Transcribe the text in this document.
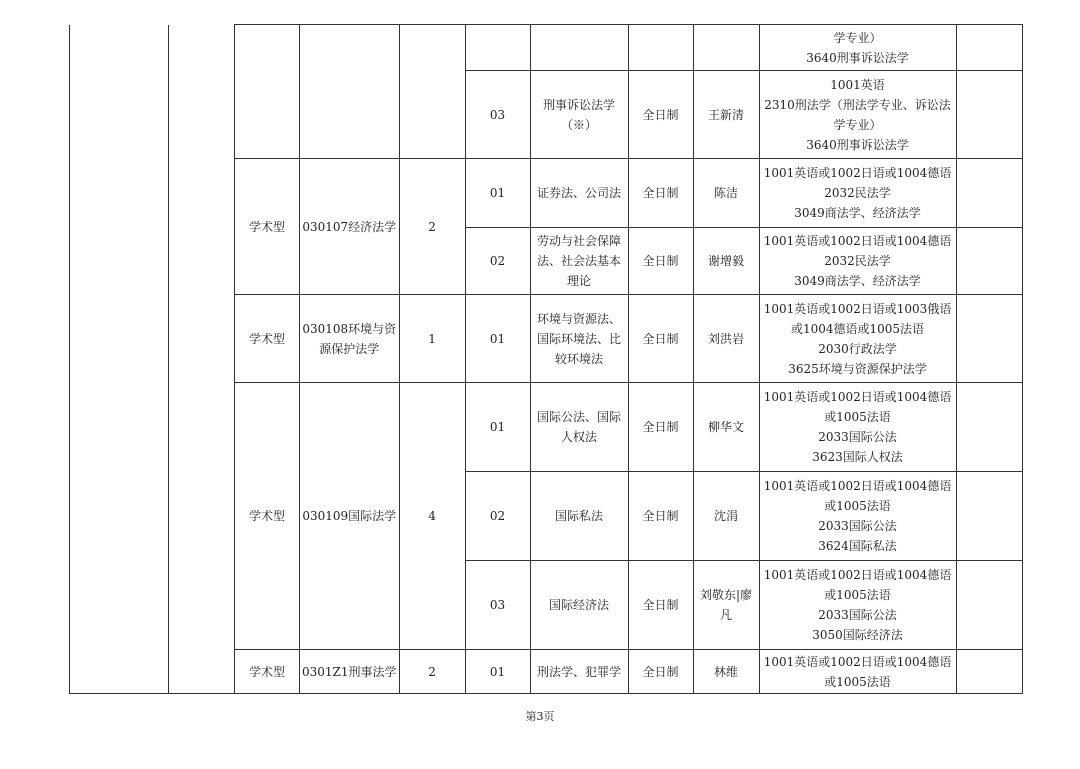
									学专业）
3640刑事诉讼法学	

					03	刑事诉讼法学
（※）	全日制	王新清	1001英语
2310刑法学（刑法学专业、诉讼法
学专业）
3640刑事诉讼法学	

		学术型	030107经济法学	2	01	证券法、公司法	全日制	陈洁	1001英语或1002日语或1004德语
2032民法学
3049商法学、经济法学	

					02	劳动与社会保障
法、社会法基本
理论	全日制	谢增毅	1001英语或1002日语或1004德语
2032民法学
3049商法学、经济法学	

		学术型	030108环境与资
源保护法学	1	01	环境与资源法、
国际环境法、比
较环境法	全日制	刘洪岩	1001英语或1002日语或1003俄语
或1004德语或1005法语
2030行政法学
3625环境与资源保护法学	

		学术型	030109国际法学	4	01	国际公法、国际
人权法	全日制	柳华文	1001英语或1002日语或1004德语
或1005法语
2033国际公法
3623国际人权法	

					02	国际私法	全日制	沈涓	1001英语或1002日语或1004德语
或1005法语
2033国际公法
3624国际私法	

					03	国际经济法	全日制	刘敬东|廖
凡	1001英语或1002日语或1004德语
或1005法语
2033国际公法
3050国际经济法	

		学术型	0301Z1刑事法学	2	01	刑法学、犯罪学	全日制	林维	1001英语或1002日语或1004德语
或1005法语	

第3页
